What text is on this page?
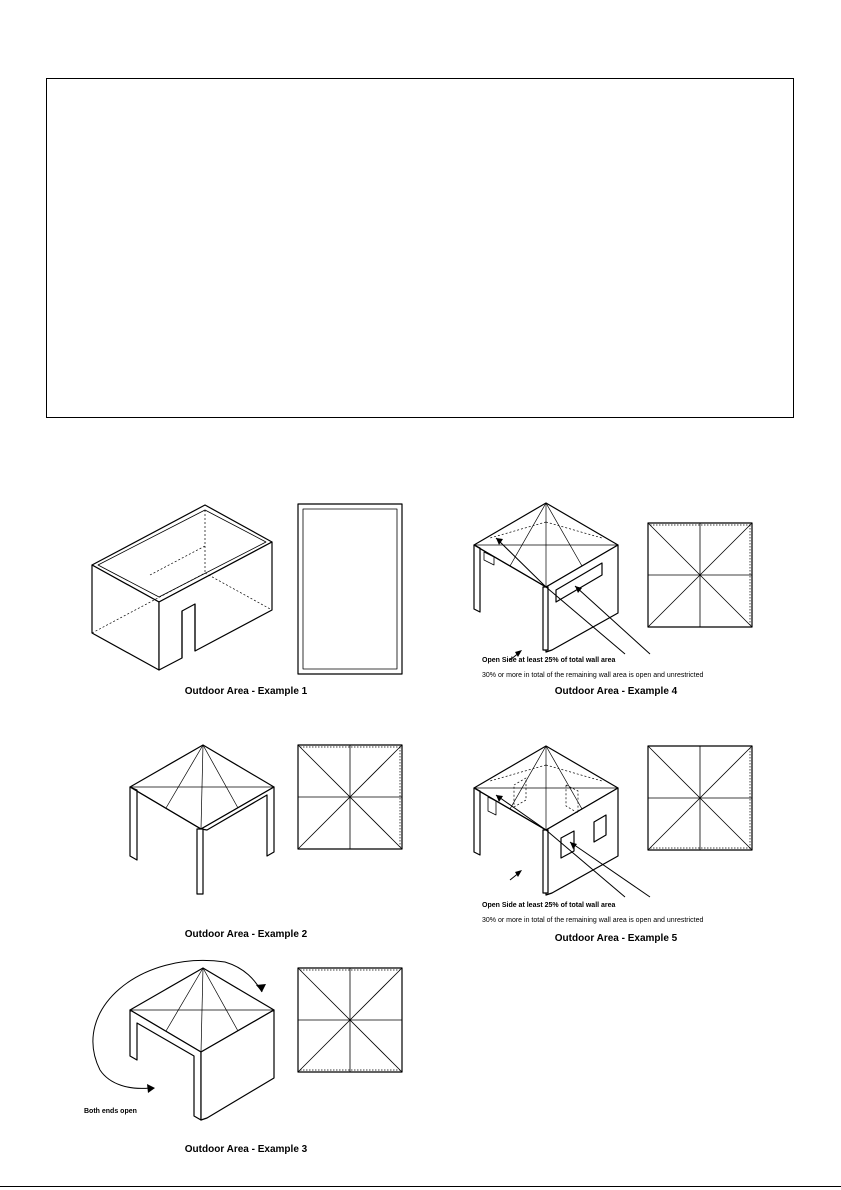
Outdoor Area - Example 1
Outdoor Area - Example 2
Outdoor Area - Example 3
Outdoor Area - Example 4
Outdoor Area - Example 5
Both ends open
Open Side at least 25% of total wall area
30% or more in total of the remaining wall area is open and unrestricted
Open Side at least 25% of total wall area
30% or more in total of the remaining wall area is open and unrestricted
